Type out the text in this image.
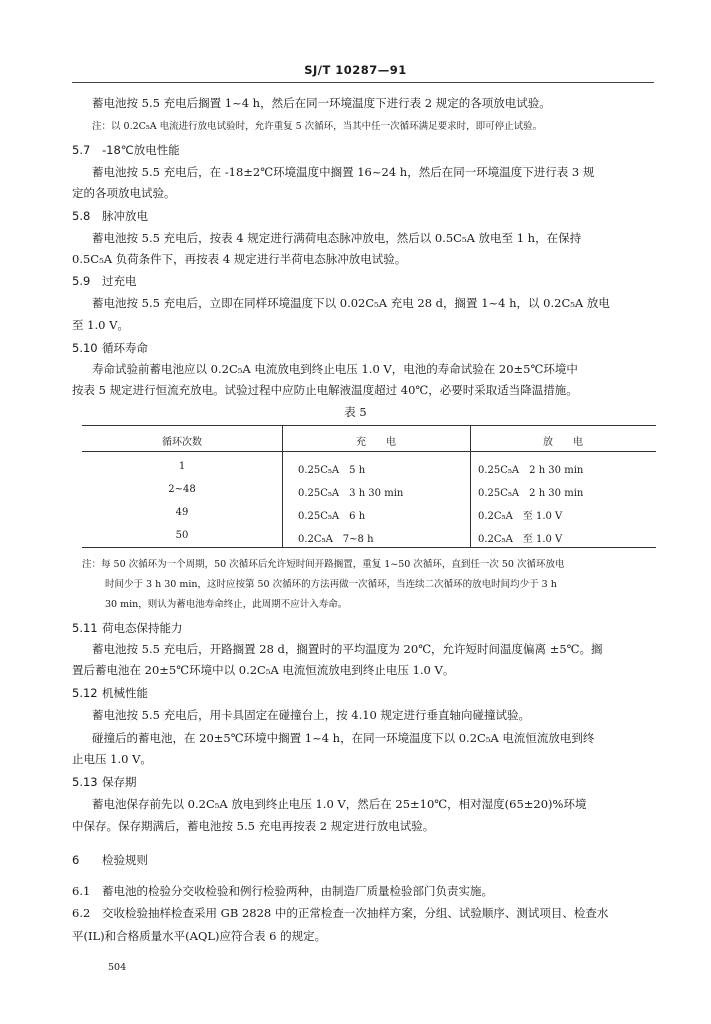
SJ/T 10287—91
蓄电池按 5.5 充电后搁置 1~4 h，然后在同一环境温度下进行表 2 规定的各项放电试验。
注：以 0.2C₅A 电流进行放电试验时，允许重复 5 次循环，当其中任一次循环满足要求时，即可停止试验。
5.7 -18℃放电性能
蓄电池按 5.5 充电后，在 -18±2℃环境温度中搁置 16~24 h，然后在同一环境温度下进行表 3 规
定的各项放电试验。
5.8 脉冲放电
蓄电池按 5.5 充电后，按表 4 规定进行满荷电态脉冲放电，然后以 0.5C₅A 放电至 1 h，在保持
0.5C₅A 负荷条件下，再按表 4 规定进行半荷电态脉冲放电试验。
5.9 过充电
蓄电池按 5.5 充电后，立即在同样环境温度下以 0.02C₅A 充电 28 d，搁置 1~4 h，以 0.2C₅A 放电
至 1.0 V。
5.10 循环寿命
寿命试验前蓄电池应以 0.2C₅A 电流放电到终止电压 1.0 V，电池的寿命试验在 20±5℃环境中
按表 5 规定进行恒流充放电。试验过程中应防止电解液温度超过 40℃，必要时采取适当降温措施。
表 5
循环次数	充　　电	放　　电
1	0.25C₅A　5 h	0.25C₅A　2 h 30 min
2~48	0.25C₅A　3 h 30 min	0.25C₅A　2 h 30 min
49	0.25C₅A　6 h	0.2C₅A　至 1.0 V
50	0.2C₅A　7~8 h	0.2C₅A　至 1.0 V
注：每 50 次循环为一个周期，50 次循环后允许短时间开路搁置，重复 1~50 次循环，直到任一次 50 次循环放电
时间少于 3 h 30 min，这时应按第 50 次循环的方法再做一次循环，当连续二次循环的放电时间均少于 3 h
30 min，则认为蓄电池寿命终止，此周期不应计入寿命。
5.11 荷电态保持能力
蓄电池按 5.5 充电后，开路搁置 28 d，搁置时的平均温度为 20℃，允许短时间温度偏离 ±5℃。搁
置后蓄电池在 20±5℃环境中以 0.2C₅A 电流恒流放电到终止电压 1.0 V。
5.12 机械性能
蓄电池按 5.5 充电后，用卡具固定在碰撞台上，按 4.10 规定进行垂直轴向碰撞试验。
碰撞后的蓄电池，在 20±5℃环境中搁置 1~4 h，在同一环境温度下以 0.2C₅A 电流恒流放电到终
止电压 1.0 V。
5.13 保存期
蓄电池保存前先以 0.2C₅A 放电到终止电压 1.0 V，然后在 25±10℃，相对湿度(65±20)%环境
中保存。保存期满后，蓄电池按 5.5 充电再按表 2 规定进行放电试验。
6 检验规则
6.1 蓄电池的检验分交收检验和例行检验两种，由制造厂质量检验部门负责实施。
6.2 交收检验抽样检查采用 GB 2828 中的正常检查一次抽样方案，分组、试验顺序、测试项目、检查水
平(IL)和合格质量水平(AQL)应符合表 6 的规定。
504
